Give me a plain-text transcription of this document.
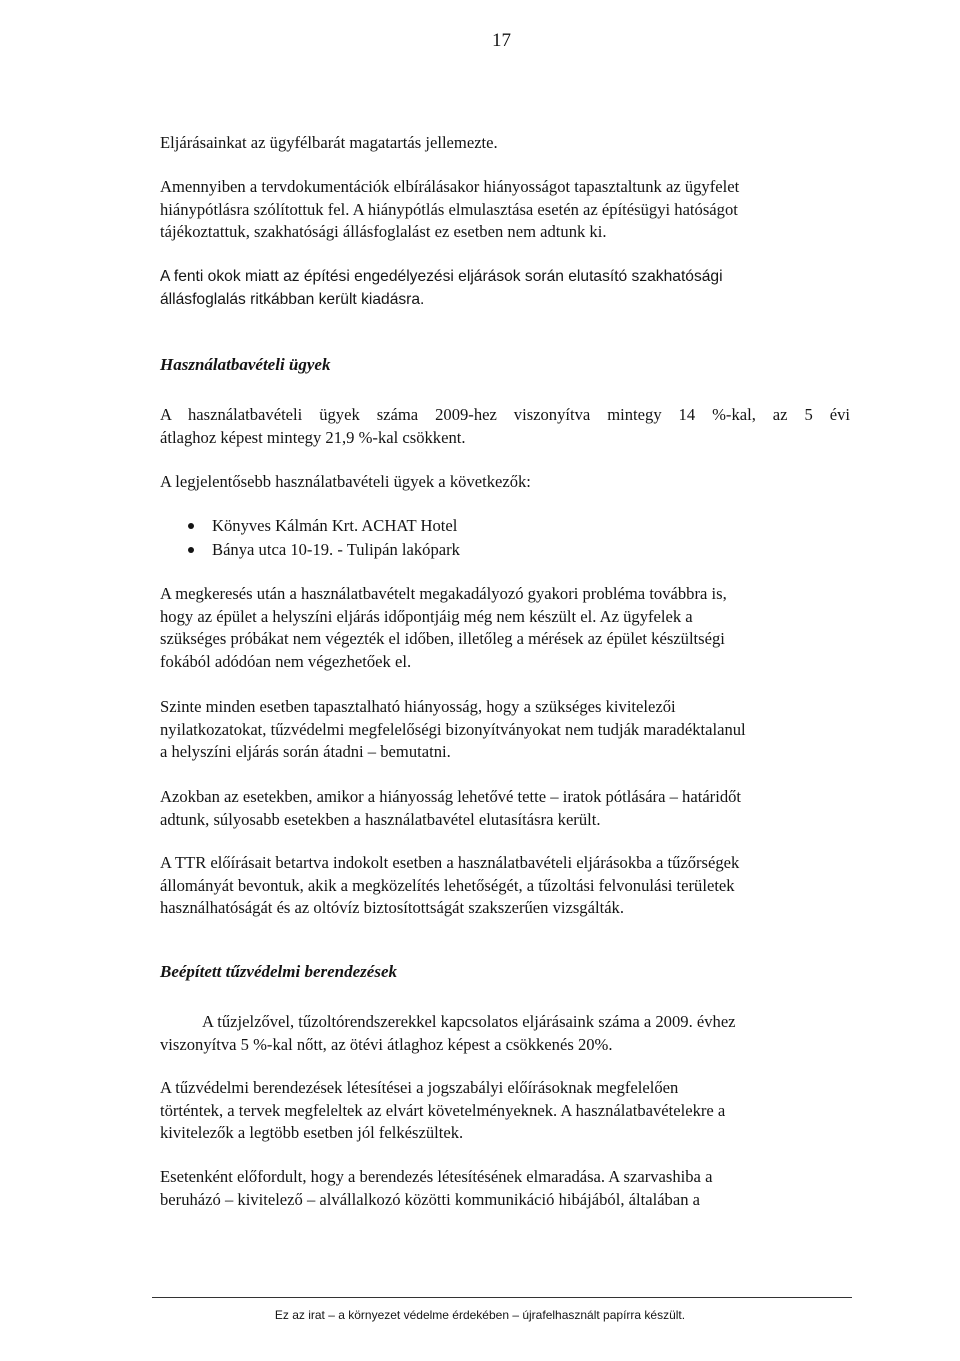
17

Eljárásainkat az ügyfélbarát magatartás jellemezte.

Amennyiben a tervdokumentációk elbírálásakor hiányosságot tapasztaltunk az ügyfelet
hiánypótlásra szólítottuk fel. A hiánypótlás elmulasztása esetén az építésügyi hatóságot
tájékoztattuk, szakhatósági állásfoglalást ez esetben nem adtunk ki.

A fenti okok miatt az építési engedélyezési eljárások során elutasító szakhatósági
állásfoglalás ritkábban került kiadásra.

Használatbavételi ügyek

A használatbavételi ügyek száma 2009-hez viszonyítva mintegy 14 %-kal, az 5 évi
átlaghoz képest mintegy 21,9 %-kal csökkent.

A legjelentősebb használatbavételi ügyek a következők:

Könyves Kálmán Krt. ACHAT Hotel
Bánya utca 10-19. - Tulipán lakópark

A megkeresés után a használatbavételt megakadályozó gyakori probléma továbbra is,
hogy az épület a helyszíni eljárás időpontjáig még nem készült el. Az ügyfelek a
szükséges próbákat nem végezték el időben, illetőleg a mérések az épület készültségi
fokából adódóan nem végezhetőek el.

Szinte minden esetben tapasztalható hiányosság, hogy a szükséges kivitelezői
nyilatkozatokat, tűzvédelmi megfelelőségi bizonyítványokat nem tudják maradéktalanul
a helyszíni eljárás során átadni – bemutatni.

Azokban az esetekben, amikor a hiányosság lehetővé tette – iratok pótlására – határidőt
adtunk, súlyosabb esetekben a használatbavétel elutasításra került.

A TTR előírásait betartva indokolt esetben a használatbavételi eljárásokba a tűzőrségek
állományát bevontuk, akik a megközelítés lehetőségét, a tűzoltási felvonulási területek
használhatóságát és az oltóvíz biztosítottságát szakszerűen vizsgálták.

Beépített tűzvédelmi berendezések

A tűzjelzővel, tűzoltórendszerekkel kapcsolatos eljárásaink száma a 2009. évhez
viszonyítva 5 %-kal nőtt, az ötévi átlaghoz képest a csökkenés 20%.

A tűzvédelmi berendezések létesítései a jogszabályi előírásoknak megfelelően
történtek, a tervek megfeleltek az elvárt követelményeknek. A használatbavételekre a
kivitelezők a legtöbb esetben jól felkészültek.

Esetenként előfordult, hogy a berendezés létesítésének elmaradása. A szarvashiba a
beruházó – kivitelező – alvállalkozó közötti kommunikáció hibájából, általában a

Ez az irat – a környezet védelme érdekében – újrafelhasznált papírra készült.
